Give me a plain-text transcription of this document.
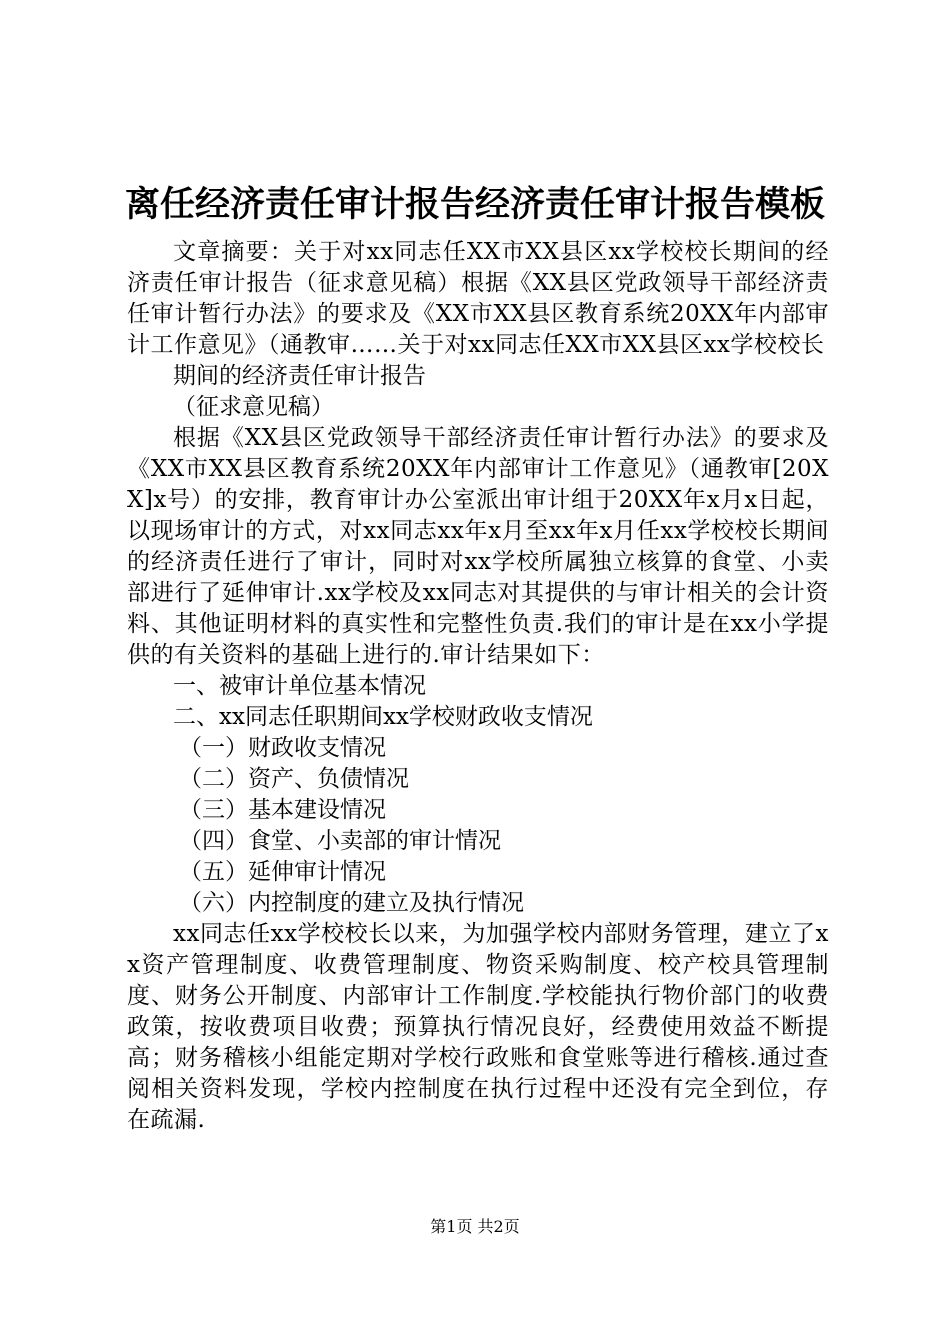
离任经济责任审计报告经济责任审计报告模板

文章摘要：关于对xx同志任XX市XX县区xx学校校长期间的经济责任审计报告（征求意见稿）根据《XX县区党政领导干部经济责任审计暂行办法》的要求及《XX市XX县区教育系统20XX年内部审计工作意见》（通教审……关于对xx同志任XX市XX县区xx学校校长

期间的经济责任审计报告

（征求意见稿）

根据《XX县区党政领导干部经济责任审计暂行办法》的要求及《XX市XX县区教育系统20XX年内部审计工作意见》（通教审[20XX]x号）的安排，教育审计办公室派出审计组于20XX年x月x日起，以现场审计的方式，对xx同志xx年x月至xx年x月任xx学校校长期间的经济责任进行了审计，同时对xx学校所属独立核算的食堂、小卖部进行了延伸审计.xx学校及xx同志对其提供的与审计相关的会计资料、其他证明材料的真实性和完整性负责.我们的审计是在xx小学提供的有关资料的基础上进行的.审计结果如下：

一、被审计单位基本情况

二、xx同志任职期间xx学校财政收支情况

（一）财政收支情况

（二）资产、负债情况

（三）基本建设情况

（四）食堂、小卖部的审计情况

（五）延伸审计情况

（六）内控制度的建立及执行情况

xx同志任xx学校校长以来，为加强学校内部财务管理，建立了xx资产管理制度、收费管理制度、物资采购制度、校产校具管理制度、财务公开制度、内部审计工作制度.学校能执行物价部门的收费政策，按收费项目收费；预算执行情况良好，经费使用效益不断提高；财务稽核小组能定期对学校行政账和食堂账等进行稽核.通过查阅相关资料发现，学校内控制度在执行过程中还没有完全到位，存在疏漏.

第1页 共2页
